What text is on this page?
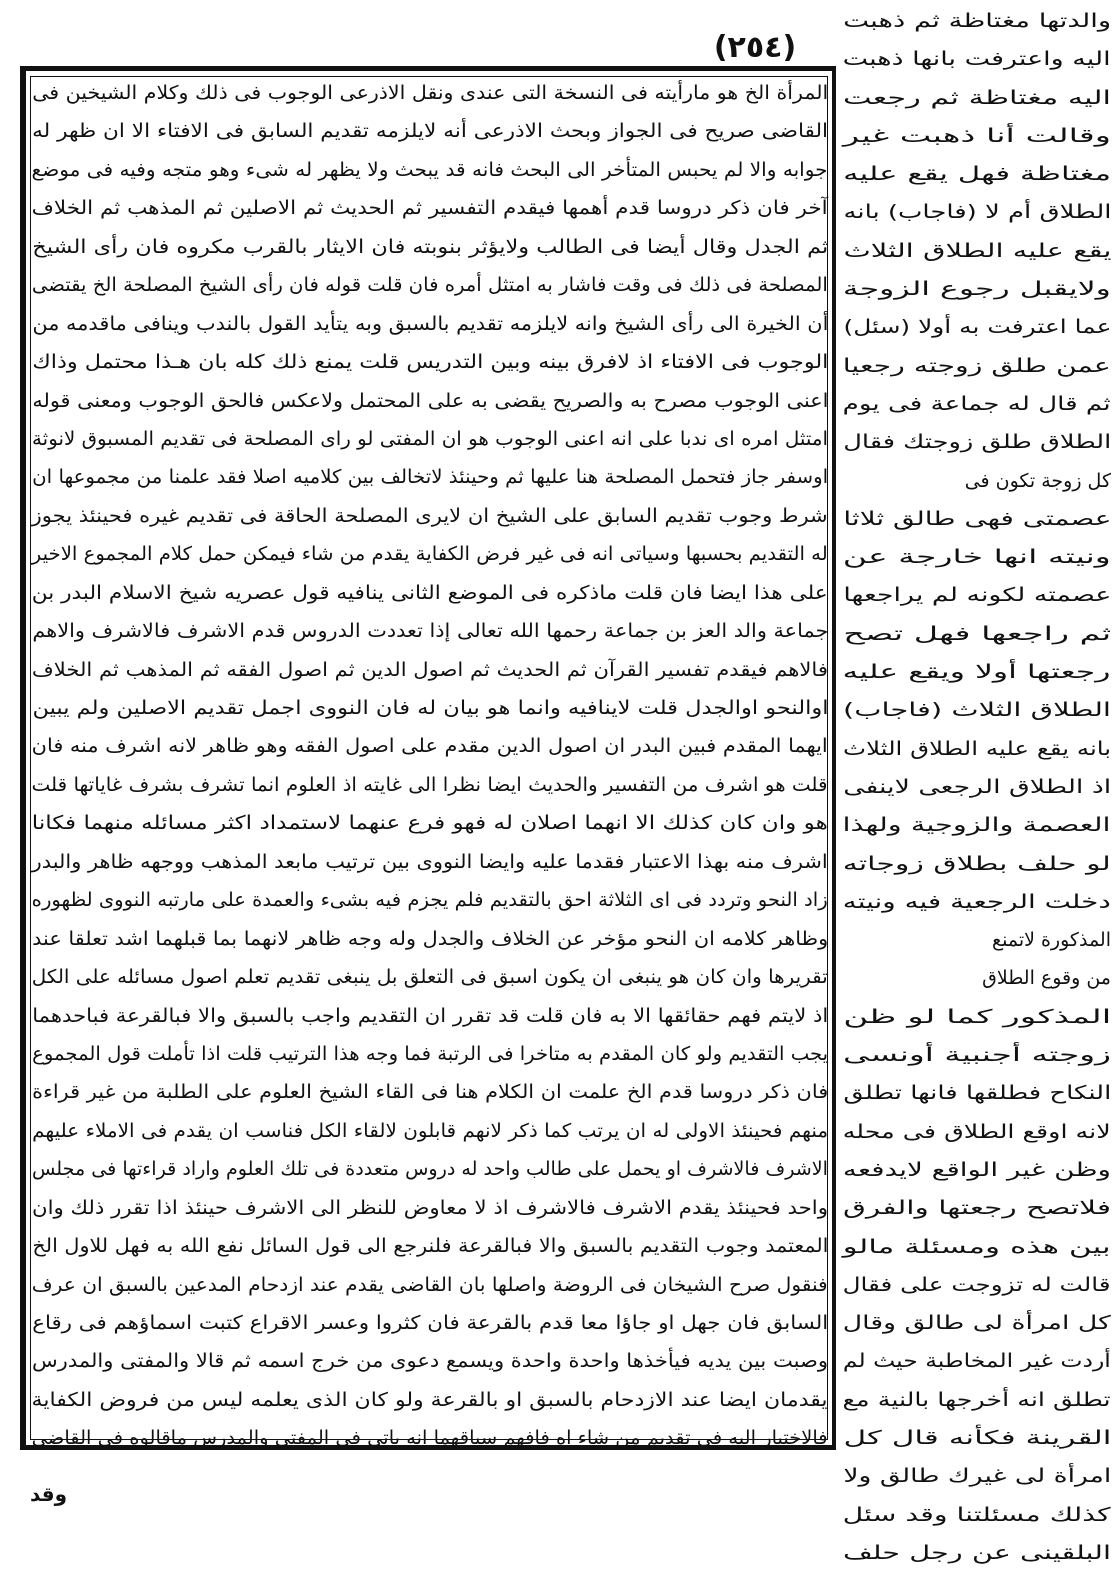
(٢٥٤)
المرأة الخ هو مارأيته فى النسخة التى عندى ونقل الاذرعى الوجوب فى ذلك وكلام الشيخين فى
القاضى صريح فى الجواز وبحث الاذرعى أنه لايلزمه تقديم السابق فى الافتاء الا ان ظهر له
جوابه والا لم يحبس المتأخر الى البحث فانه قد يبحث ولا يظهر له شىء وهو متجه وفيه فى موضع
آخر فان ذكر دروسا قدم أهمها فيقدم التفسير ثم الحديث ثم الاصلين ثم المذهب ثم الخلاف
ثم الجدل وقال أيضا فى الطالب ولايؤثر بنوبته فان الايثار بالقرب مكروه فان رأى الشيخ
المصلحة فى ذلك فى وقت فاشار به امتثل أمره فان قلت قوله فان رأى الشيخ المصلحة الخ يقتضى
أن الخيرة الى رأى الشيخ وانه لايلزمه تقديم بالسبق وبه يتأيد القول بالندب وينافى ماقدمه من
الوجوب فى الافتاء اذ لافرق بينه وبين التدريس قلت يمنع ذلك كله بان هـذا محتمل وذاك
اعنى الوجوب مصرح به والصريح يقضى به على المحتمل ولاعكس فالحق الوجوب ومعنى قوله
امتثل امره اى ندبا على انه اعنى الوجوب هو ان المفتى لو راى المصلحة فى تقديم المسبوق لانوثة
اوسفر جاز فتحمل المصلحة هنا عليها ثم وحينئذ لاتخالف بين كلاميه اصلا فقد علمنا من مجموعها ان
شرط وجوب تقديم السابق على الشيخ ان لايرى المصلحة الحاقة فى تقديم غيره فحينئذ يجوز
له التقديم بحسبها وسياتى انه فى غير فرض الكفاية يقدم من شاء فيمكن حمل كلام المجموع الاخير
على هذا ايضا فان قلت ماذكره فى الموضع الثانى ينافيه قول عصريه شيخ الاسلام البدر بن
جماعة والد العز بن جماعة رحمها الله تعالى إذا تعددت الدروس قدم الاشرف فالاشرف والاهم
فالاهم فيقدم تفسير القرآن ثم الحديث ثم اصول الدين ثم اصول الفقه ثم المذهب ثم الخلاف
اوالنحو اوالجدل قلت لاينافيه وانما هو بيان له فان النووى اجمل تقديم الاصلين ولم يبين
ايهما المقدم فبين البدر ان اصول الدين مقدم على اصول الفقه وهو ظاهر لانه اشرف منه فان
قلت هو اشرف من التفسير والحديث ايضا نظرا الى غايته اذ العلوم انما تشرف بشرف غاياتها قلت
هو وان كان كذلك الا انهما اصلان له فهو فرع عنهما لاستمداد اكثر مسائله منهما فكانا
اشرف منه بهذا الاعتبار فقدما عليه وايضا النووى بين ترتيب مابعد المذهب ووجهه ظاهر والبدر
زاد النحو وتردد فى اى الثلاثة احق بالتقديم فلم يجزم فيه بشىء والعمدة على مارتبه النووى لظهوره
وظاهر كلامه ان النحو مؤخر عن الخلاف والجدل وله وجه ظاهر لانهما بما قبلهما اشد تعلقا عند
تقريرها وان كان هو ينبغى ان يكون اسبق فى التعلق بل ينبغى تقديم تعلم اصول مسائله على الكل
اذ لايتم فهم حقائقها الا به فان قلت قد تقرر ان التقديم واجب بالسبق والا فبالقرعة فباحدهما
يجب التقديم ولو كان المقدم به متاخرا فى الرتبة فما وجه هذا الترتيب قلت اذا تأملت قول المجموع
فان ذكر دروسا قدم الخ علمت ان الكلام هنا فى القاء الشيخ العلوم على الطلبة من غير قراءة
منهم فحينئذ الاولى له ان يرتب كما ذكر لانهم قابلون لالقاء الكل فناسب ان يقدم فى الاملاء عليهم
الاشرف فالاشرف او يحمل على طالب واحد له دروس متعددة فى تلك العلوم واراد قراءتها فى مجلس
واحد فحينئذ يقدم الاشرف فالاشرف اذ لا معاوض للنظر الى الاشرف حينئذ اذا تقرر ذلك وان
المعتمد وجوب التقديم بالسبق والا فبالقرعة فلنرجع الى قول السائل نفع الله به فهل للاول الخ
فنقول صرح الشيخان فى الروضة واصلها بان القاضى يقدم عند ازدحام المدعين بالسبق ان عرف
السابق فان جهل او جاؤا معا قدم بالقرعة فان كثروا وعسر الاقراع كتبت اسماؤهم فى رقاع
وصبت بين يديه فيأخذها واحدة واحدة ويسمع دعوى من خرج اسمه ثم قالا والمفتى والمدرس
يقدمان ايضا عند الازدحام بالسبق او بالقرعة ولو كان الذى يعلمه ليس من فروض الكفاية
فالاختيار اليه فى تقديم من شاء اه فافهم سياقهما انه ياتى فى المفتى والمدرس ماقالوه فى القاضى
والدتها مغتاظة ثم ذهبت
اليه واعترفت بانها ذهبت
اليه مغتاظة ثم رجعت
وقالت أنا ذهبت غير
مغتاظة فهل يقع عليه
الطلاق أم لا (فاجاب) بانه
يقع عليه الطلاق الثلاث
ولايقبل رجوع الزوجة
عما اعترفت به أولا (سئل)
عمن طلق زوجته رجعيا
ثم قال له جماعة فى يوم
الطلاق طلق زوجتك فقال
كل زوجة تكون فى
عصمتى فهى طالق ثلاثا
ونيته انها خارجة عن
عصمته لكونه لم يراجعها
ثم راجعها فهل تصح
رجعتها أولا ويقع عليه
الطلاق الثلاث (فاجاب)
بانه يقع عليه الطلاق الثلاث
اذ الطلاق الرجعى لاينفى
العصمة والزوجية ولهذا
لو حلف بطلاق زوجاته
دخلت الرجعية فيه ونيته
المذكورة لاتمنع
من وقوع الطلاق
المذكور كما لو ظن
زوجته أجنبية أونسى
النكاح فطلقها فانها تطلق
لانه اوقع الطلاق فى محله
وظن غير الواقع لايدفعه
فلاتصح رجعتها والفرق
بين هذه ومسئلة مالو
قالت له تزوجت على فقال
كل امرأة لى طالق وقال
أردت غير المخاطبة حيث لم
تطلق انه أخرجها بالنية مع
القرينة فكأنه قال كل
امرأة لى غيرك طالق ولا
كذلك مسئلتنا وقد سئل
البلقينى عن رجل حلف
وقد
